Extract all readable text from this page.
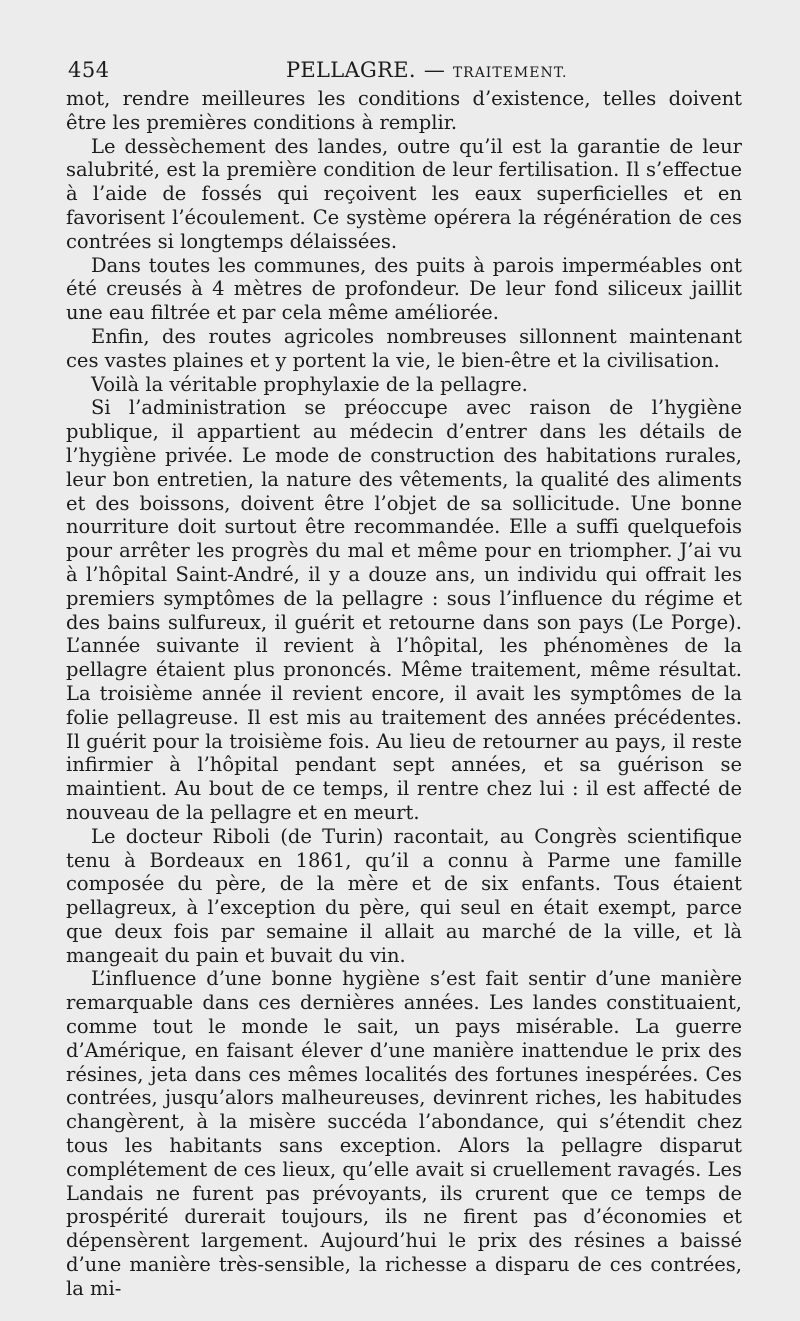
454	PELLAGRE. — TRAITEMENT.

mot, rendre meilleures les conditions d’existence, telles doivent être les premières conditions à remplir.

Le dessèchement des landes, outre qu’il est la garantie de leur salubrité, est la première condition de leur fertilisation. Il s’effectue à l’aide de fossés qui reçoivent les eaux superficielles et en favorisent l’écoulement. Ce système opérera la régénération de ces contrées si longtemps délaissées.

Dans toutes les communes, des puits à parois imperméables ont été creusés à 4 mètres de profondeur. De leur fond siliceux jaillit une eau filtrée et par cela même améliorée.

Enfin, des routes agricoles nombreuses sillonnent maintenant ces vastes plaines et y portent la vie, le bien-être et la civilisation.

Voilà la véritable prophylaxie de la pellagre.

Si l’administration se préoccupe avec raison de l’hygiène publique, il appartient au médecin d’entrer dans les détails de l’hygiène privée. Le mode de construction des habitations rurales, leur bon entretien, la nature des vêtements, la qualité des aliments et des boissons, doivent être l’objet de sa sollicitude. Une bonne nourriture doit surtout être recommandée. Elle a suffi quelquefois pour arrêter les progrès du mal et même pour en triompher. J’ai vu à l’hôpital Saint-André, il y a douze ans, un individu qui offrait les premiers symptômes de la pellagre : sous l’influence du régime et des bains sulfureux, il guérit et retourne dans son pays (Le Porge). L’année suivante il revient à l’hôpital, les phénomènes de la pellagre étaient plus prononcés. Même traitement, même résultat. La troisième année il revient encore, il avait les symptômes de la folie pellagreuse. Il est mis au traitement des années précédentes. Il guérit pour la troisième fois. Au lieu de retourner au pays, il reste infirmier à l’hôpital pendant sept années, et sa guérison se maintient. Au bout de ce temps, il rentre chez lui : il est affecté de nouveau de la pellagre et en meurt.

Le docteur Riboli (de Turin) racontait, au Congrès scientifique tenu à Bordeaux en 1861, qu’il a connu à Parme une famille composée du père, de la mère et de six enfants. Tous étaient pellagreux, à l’exception du père, qui seul en était exempt, parce que deux fois par semaine il allait au marché de la ville, et là mangeait du pain et buvait du vin.

L’influence d’une bonne hygiène s’est fait sentir d’une manière remarquable dans ces dernières années. Les landes constituaient, comme tout le monde le sait, un pays misérable. La guerre d’Amérique, en faisant élever d’une manière inattendue le prix des résines, jeta dans ces mêmes localités des fortunes inespérées. Ces contrées, jusqu’alors malheureuses, devinrent riches, les habitudes changèrent, à la misère succéda l’abondance, qui s’étendit chez tous les habitants sans exception. Alors la pellagre disparut complétement de ces lieux, qu’elle avait si cruellement ravagés. Les Landais ne furent pas prévoyants, ils crurent que ce temps de prospérité durerait toujours, ils ne firent pas d’économies et dépensèrent largement. Aujourd’hui le prix des résines a baissé d’une manière très-sensible, la richesse a disparu de ces contrées, la mi-
